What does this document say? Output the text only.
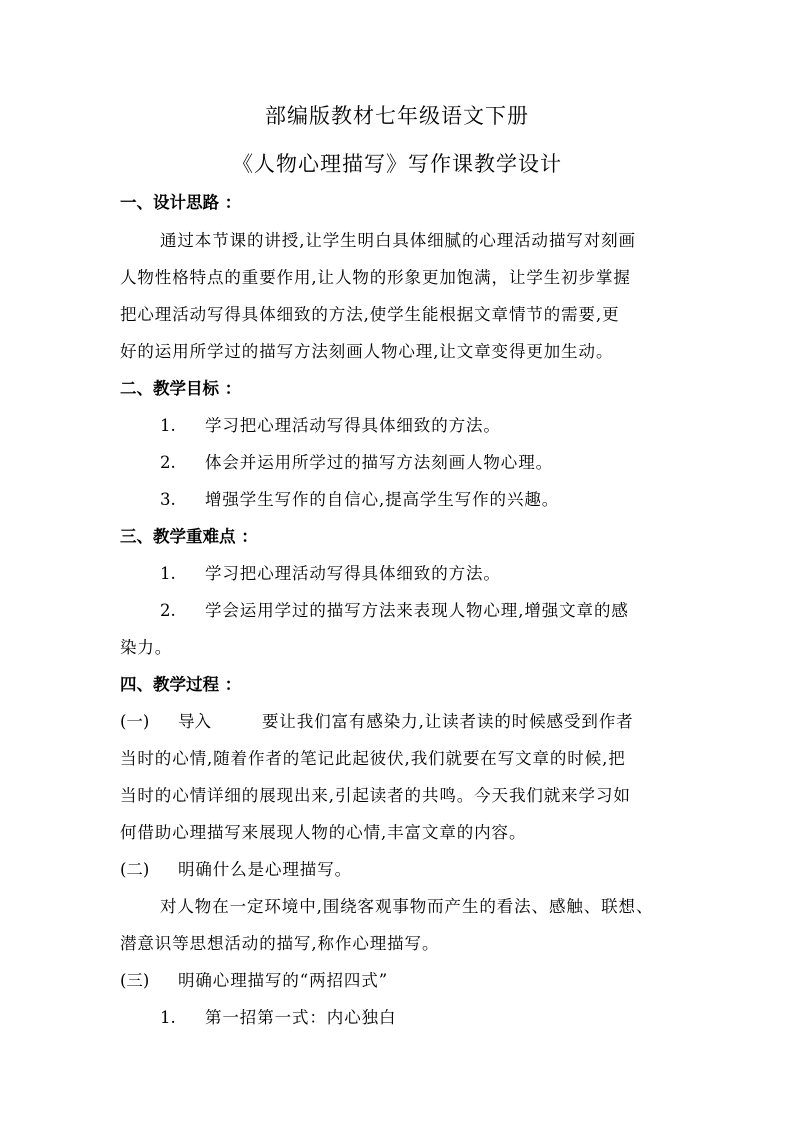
部编版教材七年级语文下册
《人物心理描写》写作课教学设计
一、设计思路 ：
通过本节课的讲授,让学生明白具体细腻的心理活动描写对刻画
人物性格特点的重要作用,让人物的形象更加饱满，让学生初步掌握
把心理活动写得具体细致的方法,使学生能根据文章情节的需要,更
好的运用所学过的描写方法刻画人物心理,让文章变得更加生动。
二、教学目标 ：
1. 学习把心理活动写得具体细致的方法。
2. 体会并运用所学过的描写方法刻画人物心理。
3. 增强学生写作的自信心,提高学生写作的兴趣。
三、教学重难点 ：
1. 学习把心理活动写得具体细致的方法。
2. 学会运用学过的描写方法来表现人物心理,增强文章的感
染力。
四、教学过程 ：
(一) 导入	要让我们富有感染力,让读者读的时候感受到作者
当时的心情,随着作者的笔记此起彼伏,我们就要在写文章的时候,把
当时的心情详细的展现出来,引起读者的共鸣。今天我们就来学习如
何借助心理描写来展现人物的心情,丰富文章的内容。
(二) 明确什么是心理描写。
对人物在一定环境中,围绕客观事物而产生的看法、感触、联想、
潜意识等思想活动的描写,称作心理描写。
(三) 明确心理描写的“两招四式”
1. 第一招第一式：内心独白
